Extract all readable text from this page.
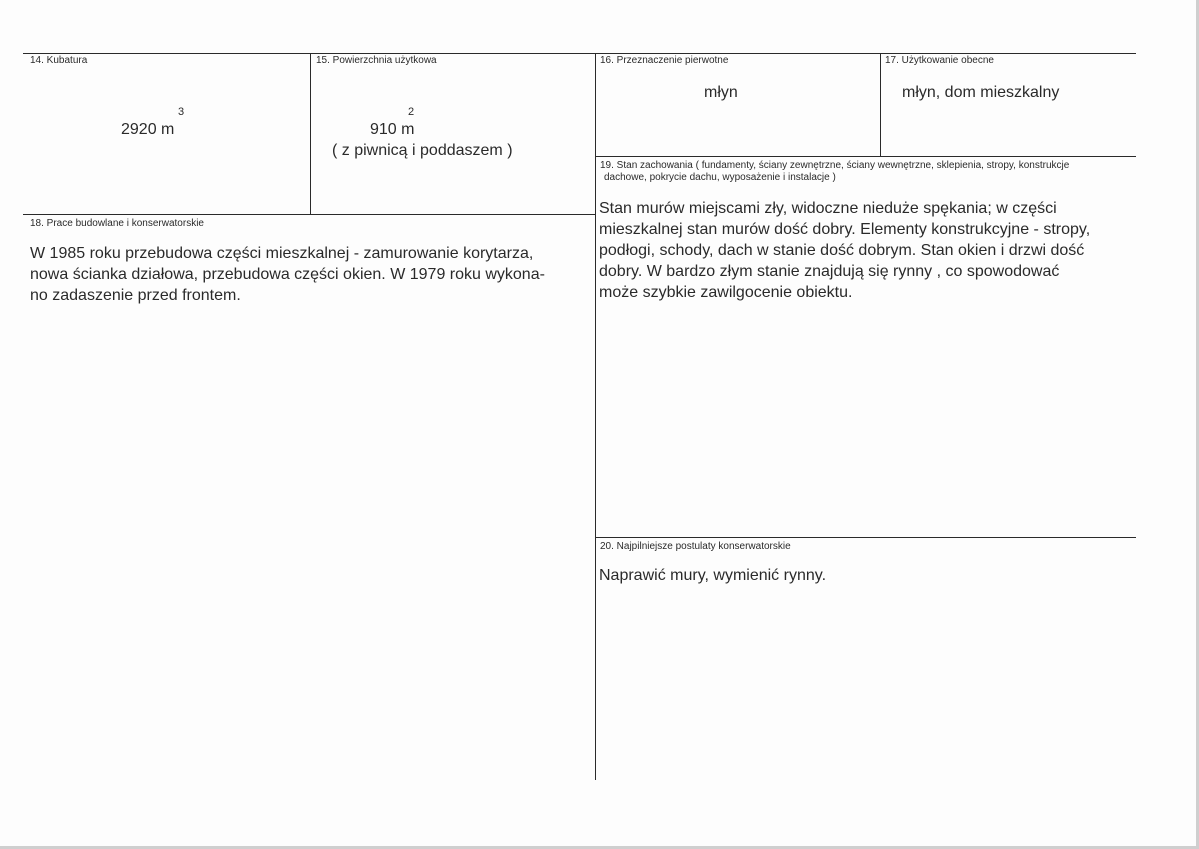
14. Kubatura
2920 m
3
15. Powierzchnia użytkowa
910 m
2
( z piwnicą i poddaszem )
16. Przeznaczenie pierwotne
młyn
17. Użytkowanie obecne
młyn, dom mieszkalny
18. Prace budowlane i konserwatorskie
W 1985 roku przebudowa części mieszkalnej - zamurowanie korytarza,
nowa ścianka działowa, przebudowa części okien. W 1979 roku wykona-
no zadaszenie przed frontem.
19. Stan zachowania ( fundamenty, ściany zewnętrzne, ściany wewnętrzne, sklepienia, stropy, konstrukcje
dachowe, pokrycie dachu, wyposażenie i instalacje )
Stan murów miejscami zły, widoczne nieduże spękania; w części
mieszkalnej stan murów dość dobry. Elementy konstrukcyjne - stropy,
podłogi, schody, dach w stanie dość dobrym. Stan okien i drzwi dość
dobry. W bardzo złym stanie znajdują się rynny , co spowodować
może szybkie zawilgocenie obiektu.
20. Najpilniejsze postulaty konserwatorskie
Naprawić mury, wymienić rynny.
